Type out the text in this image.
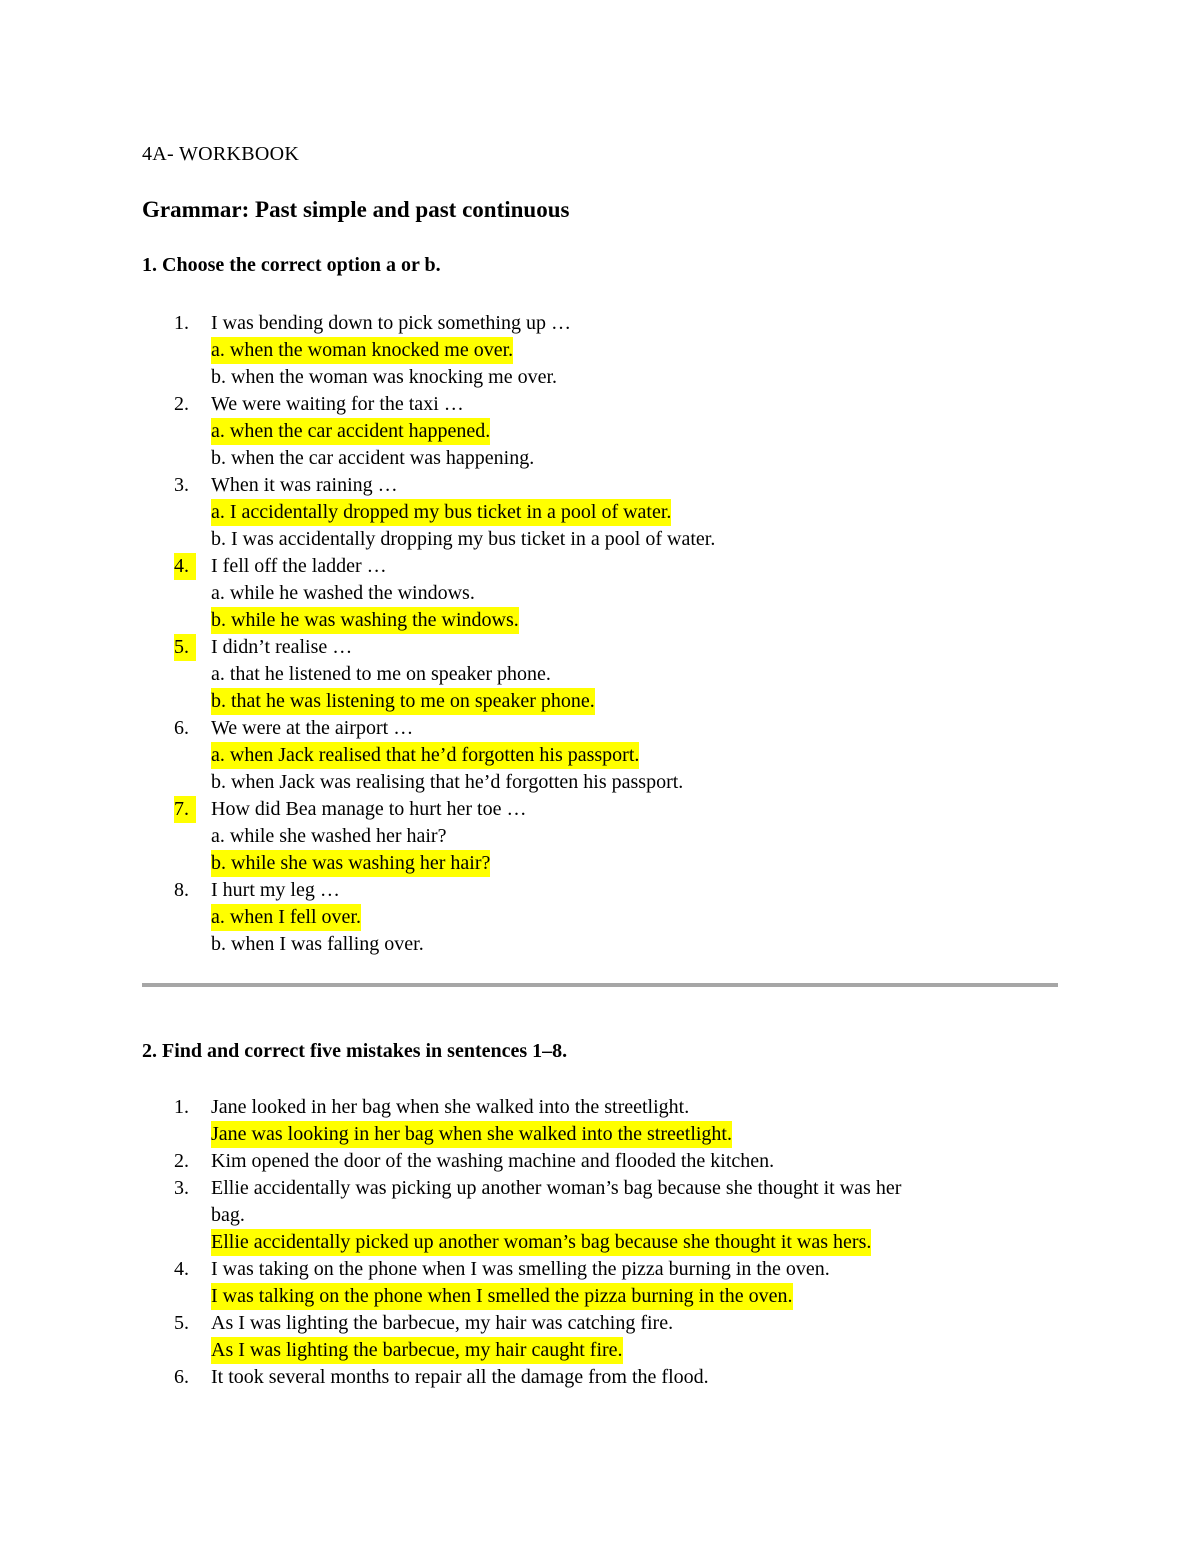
4A- WORKBOOK
Grammar: Past simple and past continuous
1. Choose the correct option a or b.
1.	I was bending down to pick something up …
a. when the woman knocked me over.
b. when the woman was knocking me over.
2.	We were waiting for the taxi …
a. when the car accident happened.
b. when the car accident was happening.
3.	When it was raining …
a. I accidentally dropped my bus ticket in a pool of water.
b. I was accidentally dropping my bus ticket in a pool of water.
4.	I fell off the ladder …
a. while he washed the windows.
b. while he was washing the windows.
5.	I didn’t realise …
a. that he listened to me on speaker phone.
b. that he was listening to me on speaker phone.
6.	We were at the airport …
a. when Jack realised that he’d forgotten his passport.
b. when Jack was realising that he’d forgotten his passport.
7.	How did Bea manage to hurt her toe …
a. while she washed her hair?
b. while she was washing her hair?
8.	I hurt my leg …
a. when I fell over.
b. when I was falling over.
2. Find and correct five mistakes in sentences 1–8.
1.	Jane looked in her bag when she walked into the streetlight.
Jane was looking in her bag when she walked into the streetlight.
2.	Kim opened the door of the washing machine and flooded the kitchen.
3.	Ellie accidentally was picking up another woman’s bag because she thought it was her
bag.
Ellie accidentally picked up another woman’s bag because she thought it was hers.
4.	I was taking on the phone when I was smelling the pizza burning in the oven.
I was talking on the phone when I smelled the pizza burning in the oven.
5.	As I was lighting the barbecue, my hair was catching fire.
As I was lighting the barbecue, my hair caught fire.
6.	It took several months to repair all the damage from the flood.
